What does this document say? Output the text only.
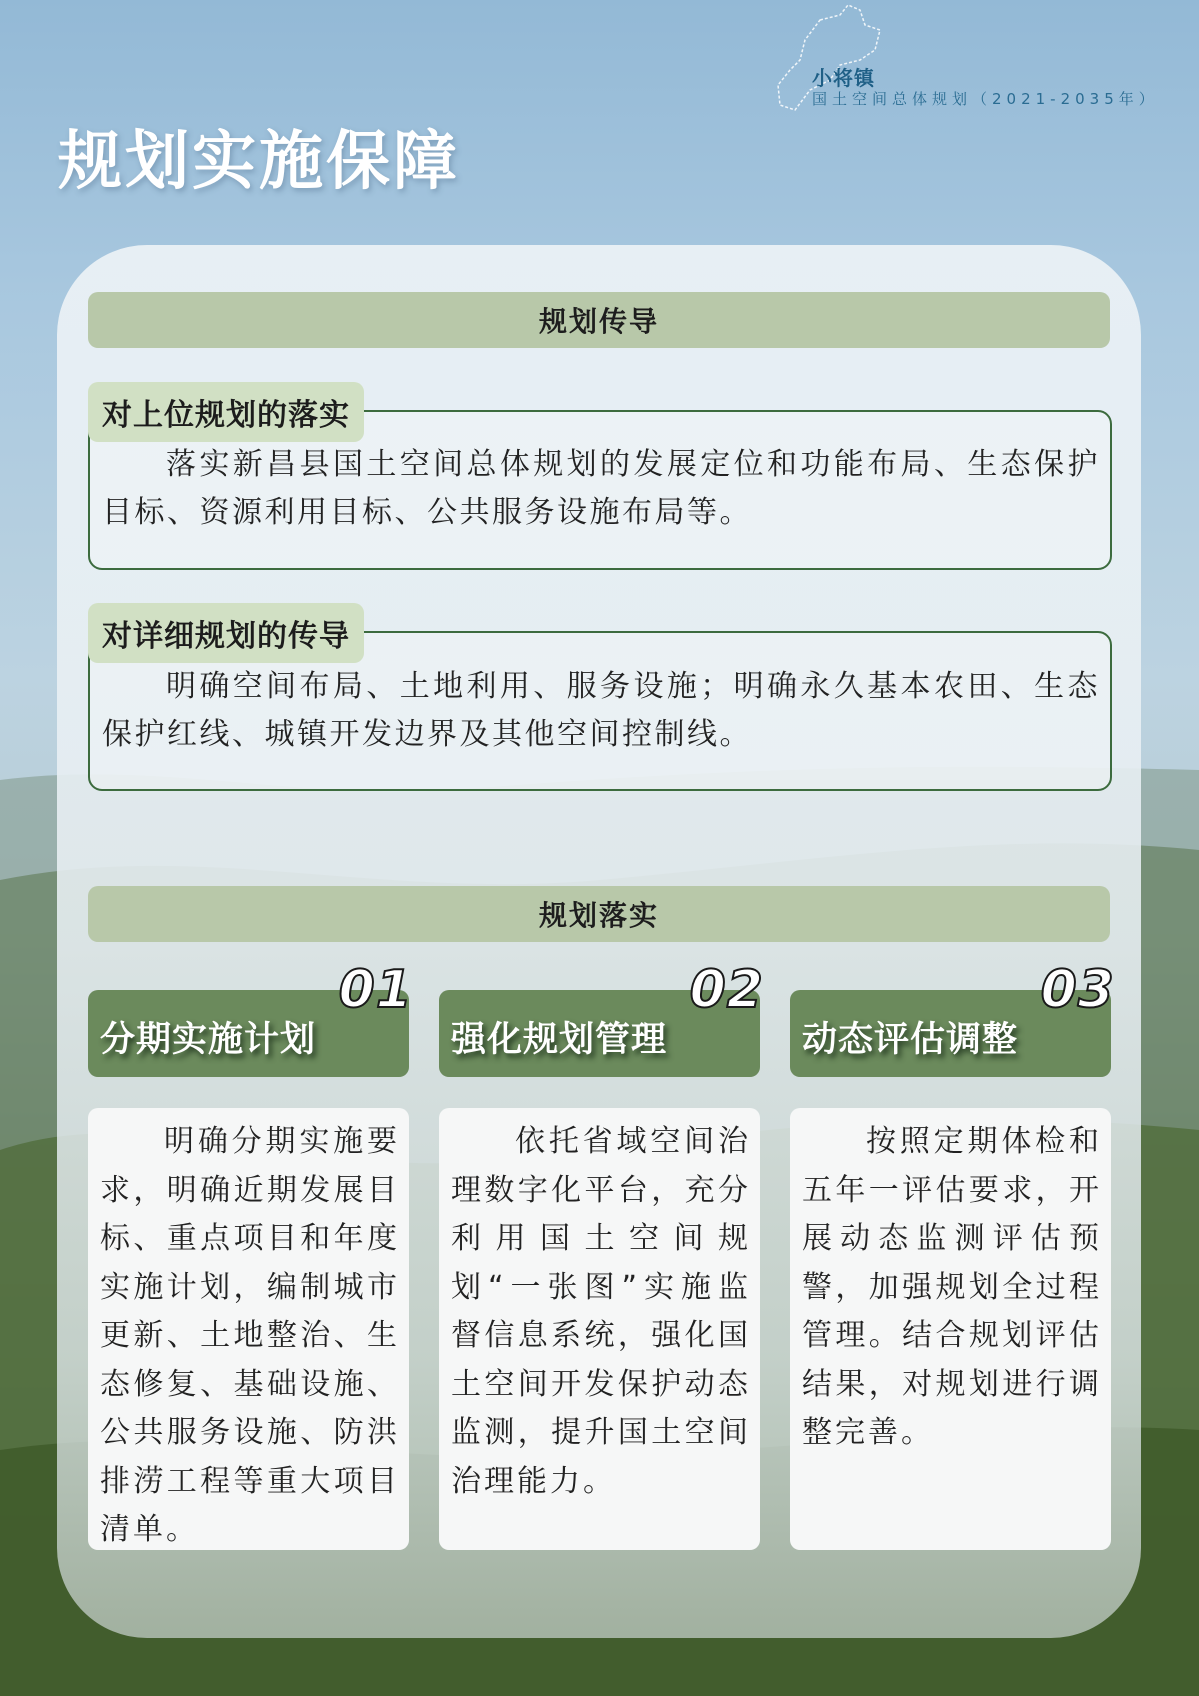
小将镇
国土空间总体规划（2021-2035年）
规划实施保障
规划传导
对上位规划的落实
落实新昌县国土空间总体规划的发展定位和功能布局、生态保护目标、资源利用目标、公共服务设施布局等。
对详细规划的传导
明确空间布局、土地利用、服务设施；明确永久基本农田、生态保护红线、城镇开发边界及其他空间控制线。
规划落实
分期实施计划
01
明确分期实施要求，明确近期发展目标、重点项目和年度实施计划，编制城市更新、土地整治、生态修复、基础设施、公共服务设施、防洪排涝工程等重大项目清单。
强化规划管理
02
依托省域空间治理数字化平台，充分利用国土空间规划“一张图”实施监督信息系统，强化国土空间开发保护动态监测，提升国土空间治理能力。
动态评估调整
03
按照定期体检和五年一评估要求，开展动态监测评估预警，加强规划全过程管理。结合规划评估结果，对规划进行调整完善。
